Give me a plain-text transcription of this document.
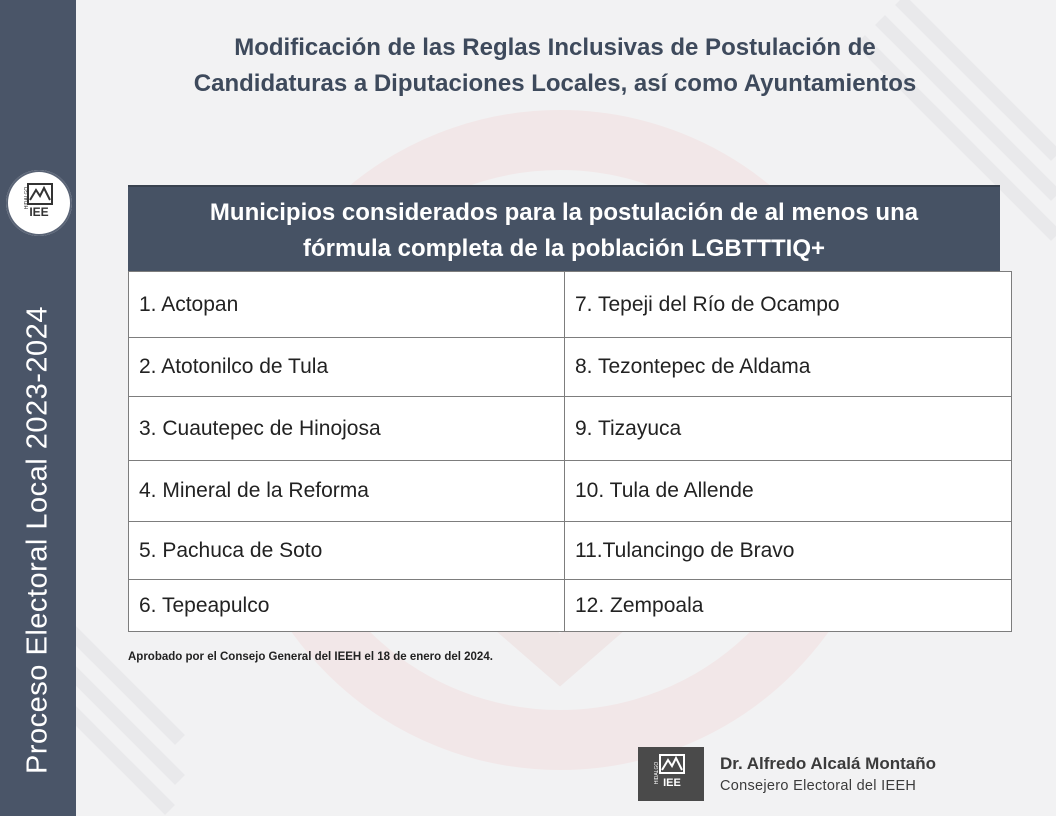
IEE
HIDALGO
Proceso Electoral Local 2023-2024
Modificación de las Reglas Inclusivas de Postulación de
Candidaturas a Diputaciones Locales, así como Ayuntamientos
Municipios considerados para la postulación de al menos una
fórmula completa de la población LGBTTTIQ+
1. Actopan	7. Tepeji del Río de Ocampo
2. Atotonilco de Tula	8. Tezontepec de Aldama
3. Cuautepec de Hinojosa	9. Tizayuca
4. Mineral de la Reforma	10. Tula de Allende
5. Pachuca de Soto	11.Tulancingo de Bravo
6. Tepeapulco	12. Zempoala
Aprobado por el Consejo General del IEEH el 18 de enero del 2024.
IEE
HIDALGO	Dr. Alfredo Alcalá Montaño
Consejero Electoral del IEEH
